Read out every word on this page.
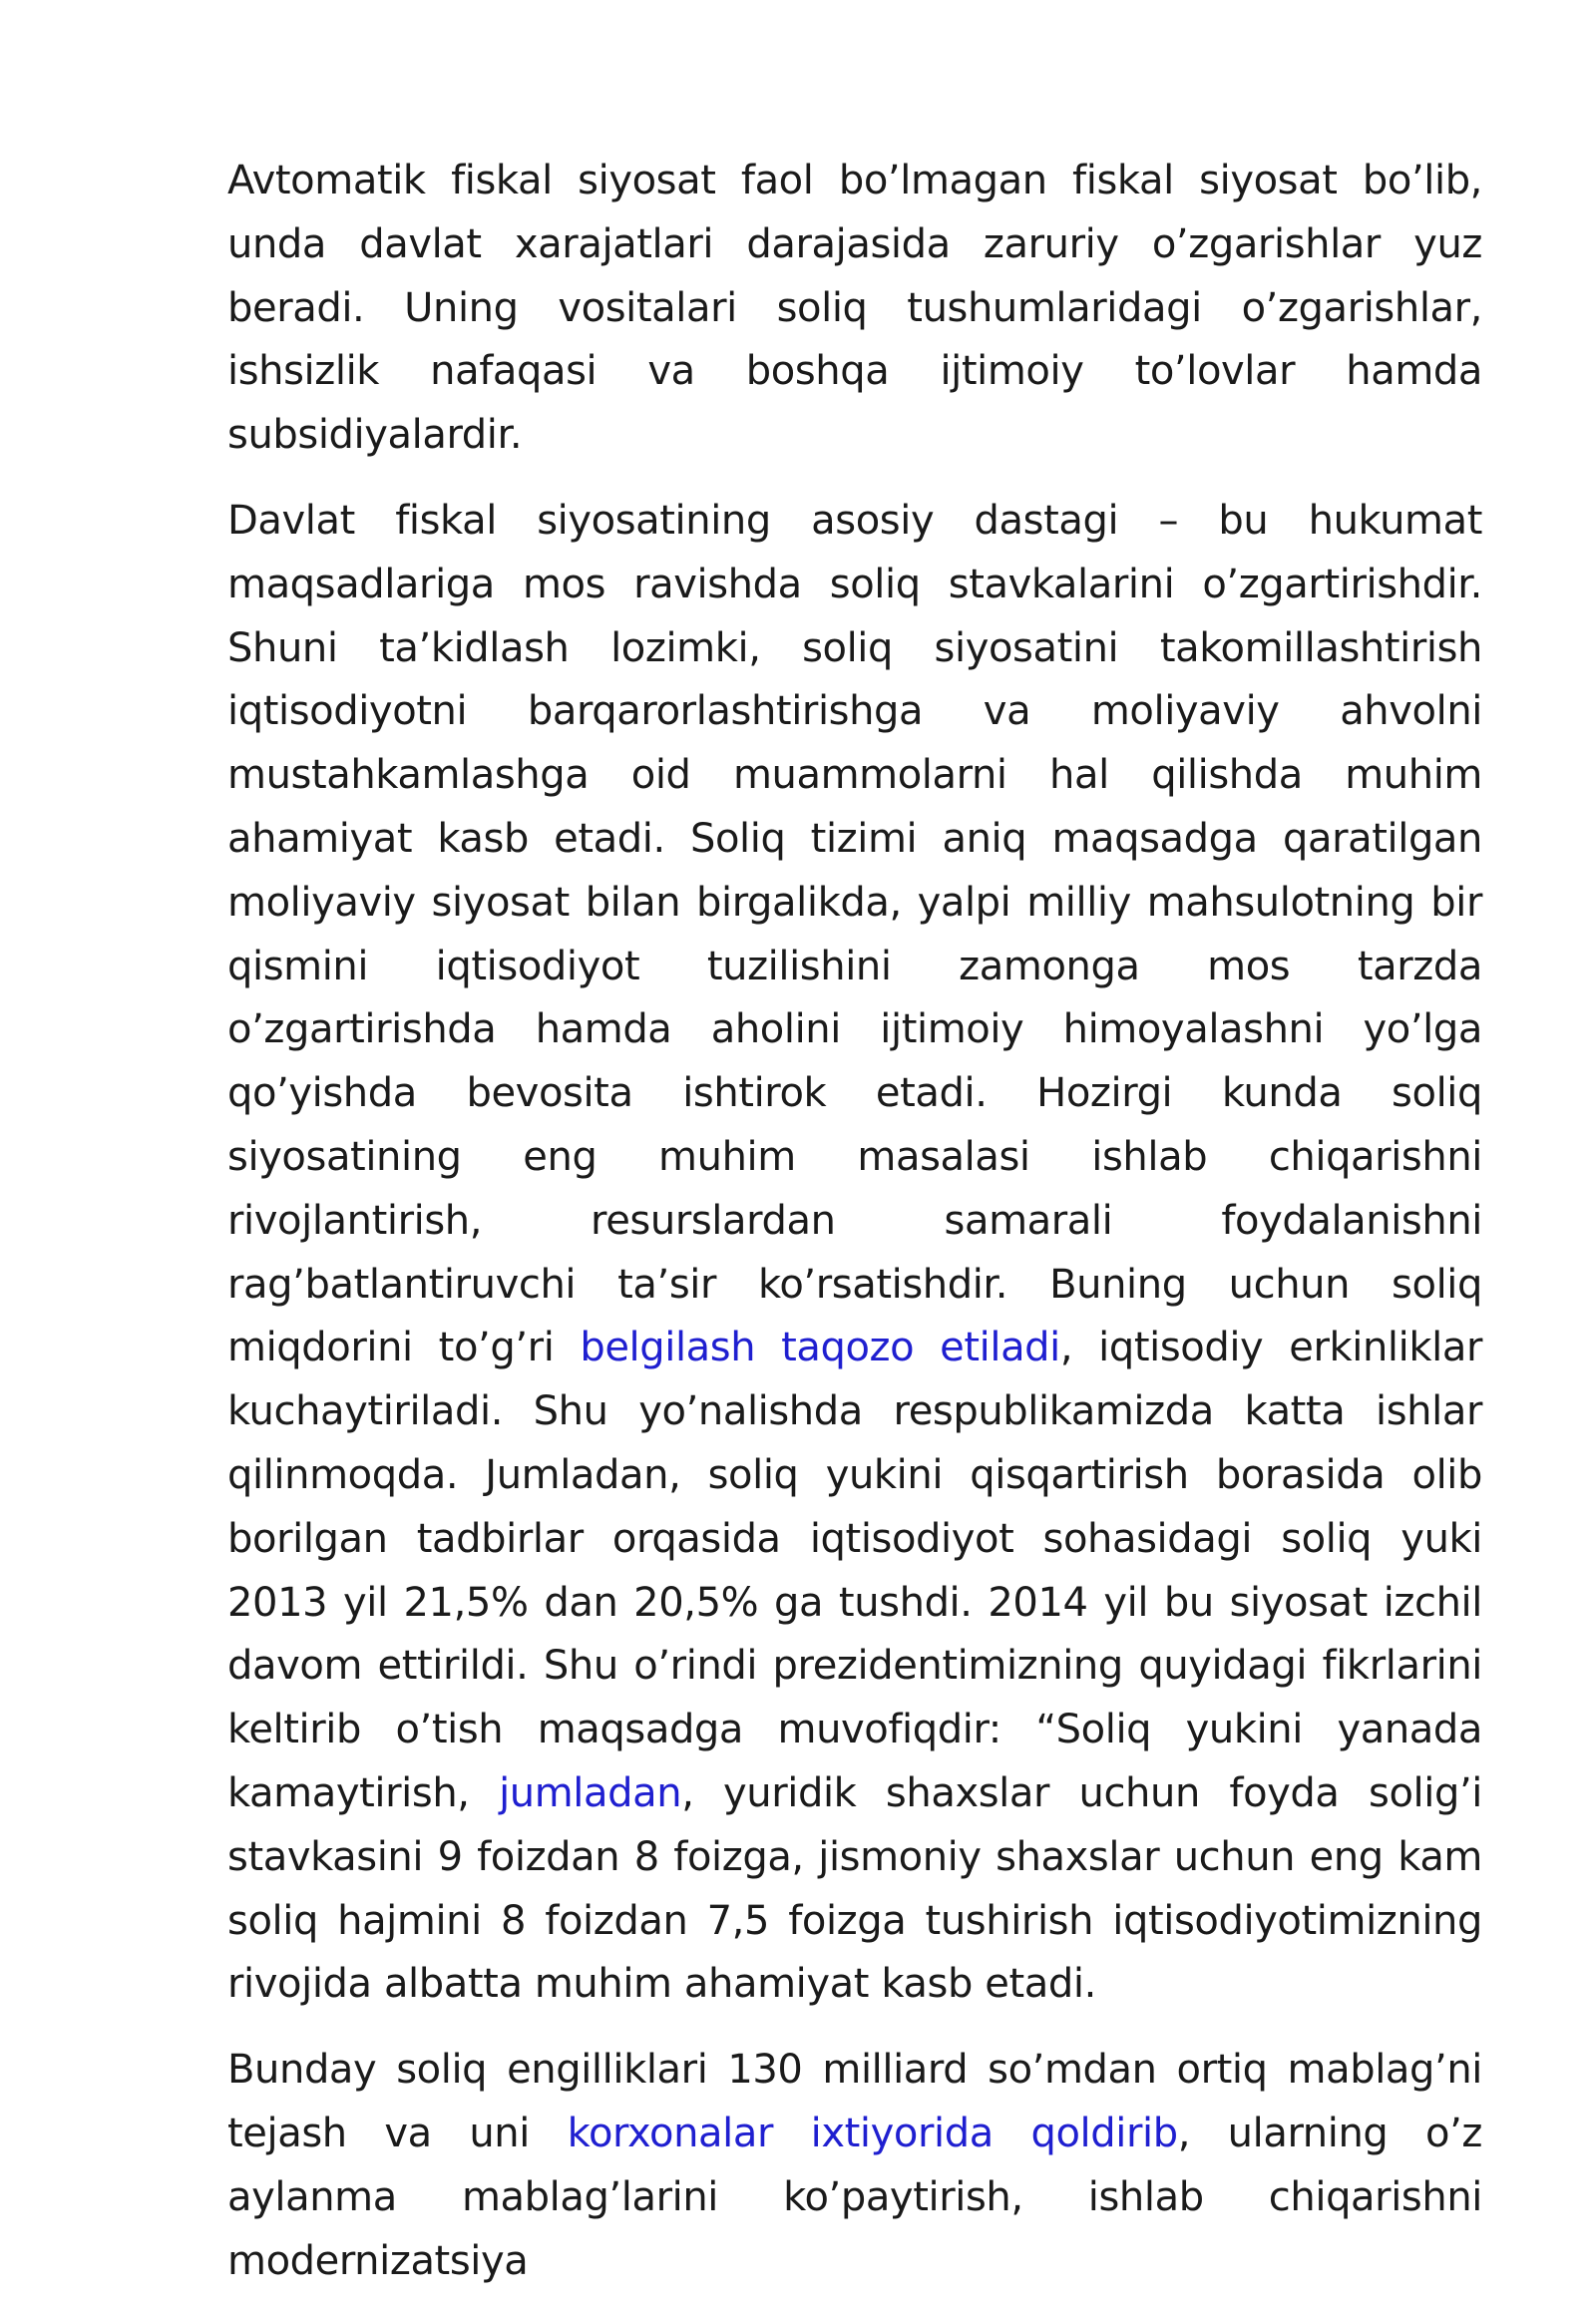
Avtomatik fiskal siyosat faol bo’lmagan fiskal siyosat bo’lib, unda davlat xarajatlari darajasida zaruriy o’zgarishlar yuz beradi. Uning vositalari soliq tushumlaridagi o’zgarishlar, ishsizlik nafaqasi va boshqa ijtimoiy to’lovlar hamda subsidiyalardir.

Davlat fiskal siyosatining asosiy dastagi – bu hukumat maqsadlariga mos ravishda soliq stavkalarini o’zgartirishdir. Shuni ta’kidlash lozimki, soliq siyosatini takomillashtirish iqtisodiyotni barqarorlashtirishga va moliyaviy ahvolni mustahkamlashga oid muammolarni hal qilishda muhim ahamiyat kasb etadi. Soliq tizimi aniq maqsadga qaratilgan moliyaviy siyosat bilan birgalikda, yalpi milliy mahsulotning bir qismini iqtisodiyot tuzilishini zamonga mos tarzda o’zgartirishda hamda aholini ijtimoiy himoyalashni yo’lga qo’yishda bevosita ishtirok etadi. Hozirgi kunda soliq siyosatining eng muhim masalasi ishlab chiqarishni rivojlantirish, resurslardan samarali foydalanishni rag’batlantiruvchi ta’sir ko’rsatishdir. Buning uchun soliq miqdorini to’g’ri belgilash taqozo etiladi, iqtisodiy erkinliklar kuchaytiriladi. Shu yo’nalishda respublikamizda katta ishlar qilinmoqda. Jumladan, soliq yukini qisqartirish borasida olib borilgan tadbirlar orqasida iqtisodiyot sohasidagi soliq yuki 2013 yil 21,5% dan 20,5% ga tushdi. 2014 yil bu siyosat izchil davom ettirildi. Shu o’rindi prezidentimizning quyidagi fikrlarini keltirib o’tish maqsadga muvofiqdir: “Soliq yukini yanada kamaytirish, jumladan, yuridik shaxslar uchun foyda solig’i stavkasini 9 foizdan 8 foizga, jismoniy shaxslar uchun eng kam soliq hajmini 8 foizdan 7,5 foizga tushirish iqtisodiyotimizning rivojida albatta muhim ahamiyat kasb etadi.

Bunday soliq engilliklari 130 milliard so’mdan ortiq mablag’ni tejash va uni korxonalar ixtiyorida qoldirib, ularning o’z aylanma mablag’larini ko’paytirish, ishlab chiqarishni modernizatsiya
